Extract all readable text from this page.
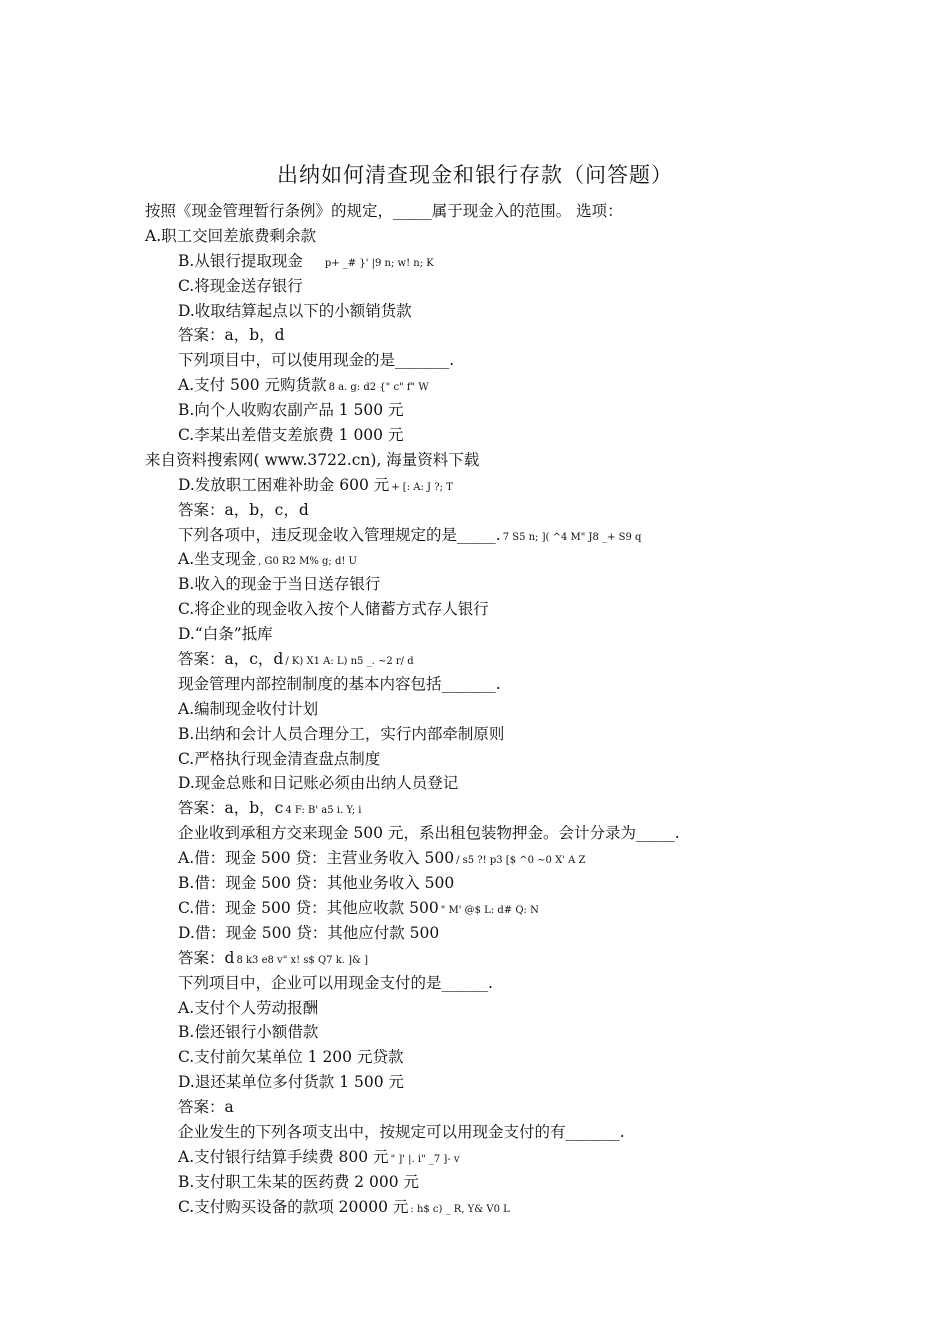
出纳如何清查现金和银行存款（问答题）
按照《现金管理暂行条例》的规定，_____属于现金入的范围。 选项：
A.职工交回差旅费剩余款
B.从银行提取现金 p+ _# }' |9 n; w! n; K
C.将现金送存银行
D.收取结算起点以下的小额销货款
答案：a，b，d
下列项目中，可以使用现金的是_______.
A.支付 500 元购货款 8 a. g: d2 {" c" f" W
B.向个人收购农副产品 1 500 元
C.李某出差借支差旅费 1 000 元
来自资料搜索网( www.3722.cn), 海量资料下载
D.发放职工困难补助金 600 元 + [: A: J ?; T
答案：a，b，c，d
下列各项中，违反现金收入管理规定的是_____. 7 S5 n; ]( ^4 M" J8 _+ S9 q
A.坐支现金 , G0 R2 M% g; d! U
B.收入的现金于当日送存银行
C.将企业的现金收入按个人储蓄方式存人银行
D.“白条”抵库
答案：a，c，d / K) X1 A: L) n5 _. ~2 r/ d
现金管理内部控制制度的基本内容包括_______.
A.编制现金收付计划
B.出纳和会计人员合理分工，实行内部牵制原则
C.严格执行现金清查盘点制度
D.现金总账和日记账必须由出纳人员登记
答案：a，b，c 4 F: B' a5 i. Y; i
企业收到承租方交来现金 500 元，系出租包装物押金。会计分录为_____.
A.借：现金 500 贷：主营业务收入 500 / s5 ?! p3 [$ ^0 ~0 X' A Z
B.借：现金 500 贷：其他业务收入 500
C.借：现金 500 贷：其他应收款 500 " M' @$ L: d# Q: N
D.借：现金 500 贷：其他应付款 500
答案：d 8 k3 e8 v" x! s$ Q7 k. ]& ]
下列项目中，企业可以用现金支付的是______.
A.支付个人劳动报酬
B.偿还银行小额借款
C.支付前欠某单位 1 200 元贷款
D.退还某单位多付货款 1 500 元
答案：a
企业发生的下列各项支出中，按规定可以用现金支付的有_______.
A.支付银行结算手续费 800 元 " ]' |. i" _7 ]- v
B.支付职工朱某的医药费 2 000 元
C.支付购买设备的款项 20000 元 : h$ c) _ R, Y& V0 L
